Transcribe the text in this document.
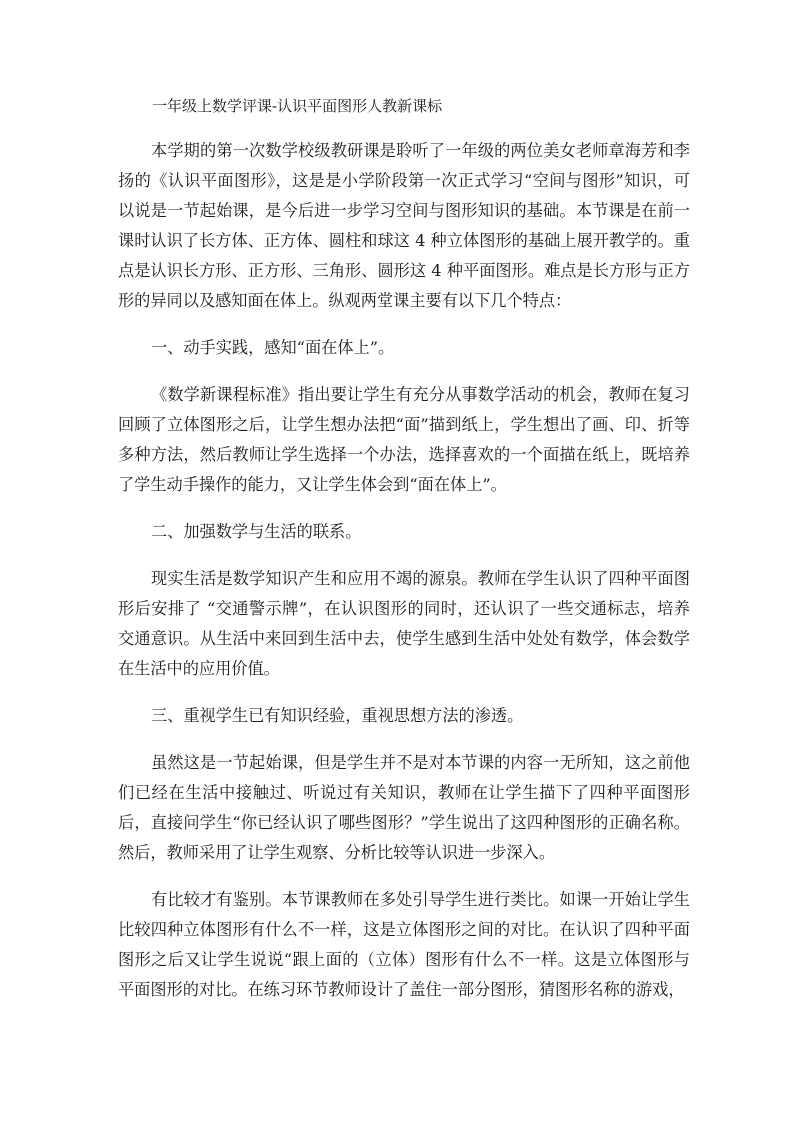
一年级上数学评课-认识平面图形人教新课标

本学期的第一次数学校级教研课是聆听了一年级的两位美女老师章海芳和李扬的《认识平面图形》，这是是小学阶段第一次正式学习“空间与图形”知识，可以说是一节起始课，是今后进一步学习空间与图形知识的基础。本节课是在前一课时认识了长方体、正方体、圆柱和球这 4 种立体图形的基础上展开教学的。重点是认识长方形、正方形、三角形、圆形这 4 种平面图形。难点是长方形与正方形的异同以及感知面在体上。纵观两堂课主要有以下几个特点：

一、动手实践，感知“面在体上”。

《数学新课程标准》指出要让学生有充分从事数学活动的机会，教师在复习回顾了立体图形之后，让学生想办法把“面”描到纸上，学生想出了画、印、折等多种方法，然后教师让学生选择一个办法，选择喜欢的一个面描在纸上，既培养了学生动手操作的能力，又让学生体会到“面在体上”。

二、加强数学与生活的联系。

现实生活是数学知识产生和应用不竭的源泉。教师在学生认识了四种平面图形后安排了 “交通警示牌”，在认识图形的同时，还认识了一些交通标志，培养交通意识。从生活中来回到生活中去，使学生感到生活中处处有数学，体会数学在生活中的应用价值。

三、重视学生已有知识经验，重视思想方法的渗透。

虽然这是一节起始课，但是学生并不是对本节课的内容一无所知，这之前他们已经在生活中接触过、听说过有关知识，教师在让学生描下了四种平面图形后，直接问学生“你已经认识了哪些图形？”学生说出了这四种图形的正确名称。然后，教师采用了让学生观察、分析比较等认识进一步深入。

有比较才有鉴别。本节课教师在多处引导学生进行类比。如课一开始让学生比较四种立体图形有什么不一样，这是立体图形之间的对比。在认识了四种平面图形之后又让学生说说“跟上面的（立体）图形有什么不一样。这是立体图形与平面图形的对比。在练习环节教师设计了盖住一部分图形，猜图形名称的游戏，
